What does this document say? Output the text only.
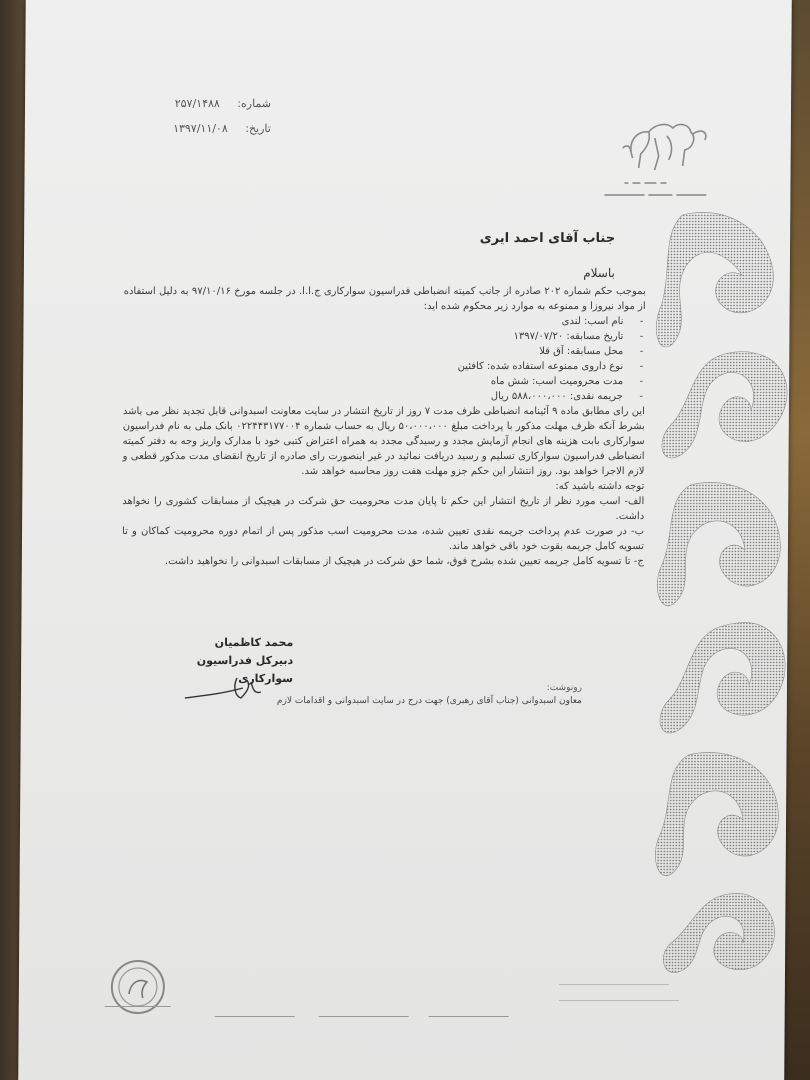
شماره: ۲۵۷/۱۴۸۸
تاریخ: ۱۳۹۷/۱۱/۰۸
جناب آقای احمد ایری
باسلام

بموجب حکم شماره ۲۰۲ صادره از جانب کمیته انضباطی فدراسیون سوارکاری ج.ا.ا. در جلسه مورخ ۹۷/۱۰/۱۶ به دلیل استفاده از مواد نیروزا و ممنوعه به موارد زیر محکوم شده اید:

- نام اسب: لندی
- تاریخ مسابقه: ۱۳۹۷/۰۷/۲۰
- محل مسابقه: آق قلا
- نوع داروی ممنوعه استفاده شده: کافئین
- مدت محرومیت اسب: شش ماه
- جریمه نقدی: ۵۸۸،۰۰۰،۰۰۰ ریال

این رای مطابق ماده ۹ آئینامه انضباطی ظرف مدت ۷ روز از تاریخ انتشار در سایت معاونت اسبدوانی قابل تجدید نظر می باشد بشرط آنکه ظرف مهلت مذکور با پرداخت مبلغ ۵۰،۰۰۰،۰۰۰ ریال به حساب شماره ۰۲۲۴۴۳۱۷۷۰۰۴ بانک ملی به نام فدراسیون سوارکاری بابت هزینه های انجام آزمایش مجدد و رسیدگی مجدد به همراه اعتراض کتبی خود با مدارک واریز وجه به دفتر کمیته انضباطی فدراسیون سوارکاری تسلیم و رسید دریافت نمائید در غیر اینصورت رای صادره از تاریخ انقضای مدت مذکور قطعی و لازم الاجرا خواهد بود. روز انتشار این حکم جزو مهلت هفت روز محاسبه خواهد شد.

توجه داشته باشید که:

الف- اسب مورد نظر از تاریخ انتشار این حکم تا پایان مدت محرومیت حق شرکت در هیچیک از مسابقات کشوری را نخواهد داشت.

ب- در صورت عدم پرداخت جریمه نقدی تعیین شده، مدت محرومیت اسب مذکور پس از اتمام دوره محرومیت کماکان و تا تسویه کامل جریمه بقوت خود باقی خواهد ماند.

ج- تا تسویه کامل جریمه تعیین شده بشرح فوق، شما حق شرکت در هیچیک از مسابقات اسبدوانی را نخواهید داشت.

محمد کاظمیان
دبیرکل فدراسیون سوارکاری
رونوشت:
معاون اسبدوانی (جناب آقای رهبری) جهت درج در سایت اسبدوانی و اقدامات لازم
